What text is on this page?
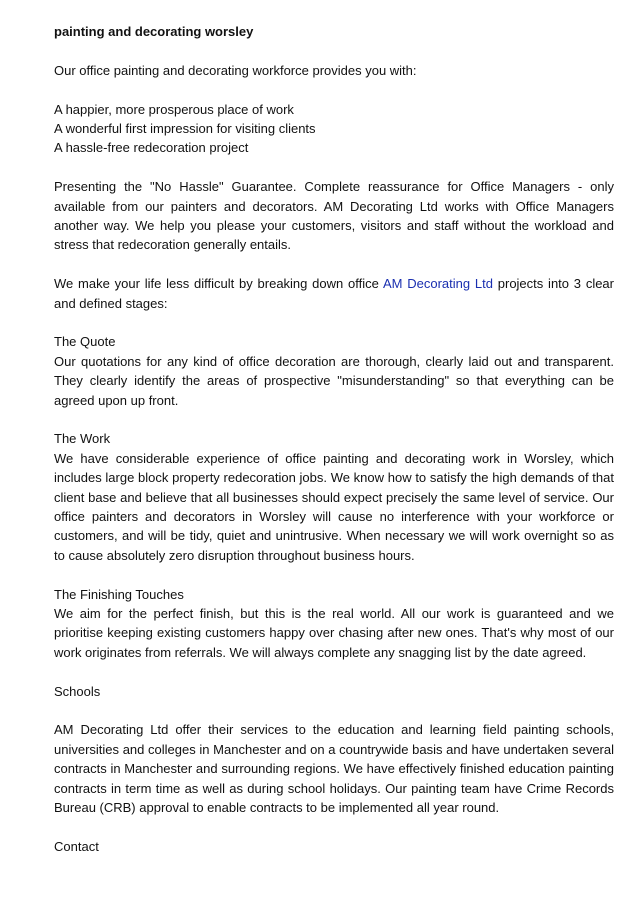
painting and decorating worsley

Our office painting and decorating workforce provides you with:

A happier, more prosperous place of work
A wonderful first impression for visiting clients
A hassle-free redecoration project

Presenting the "No Hassle" Guarantee. Complete reassurance for Office Managers - only available from our painters and decorators. AM Decorating Ltd works with Office Managers another way. We help you please your customers, visitors and staff without the workload and stress that redecoration generally entails.

We make your life less difficult by breaking down office AM Decorating Ltd projects into 3 clear and defined stages:

The Quote
Our quotations for any kind of office decoration are thorough, clearly laid out and transparent. They clearly identify the areas of prospective "misunderstanding" so that everything can be agreed upon up front.

The Work
We have considerable experience of office painting and decorating work in Worsley, which includes large block property redecoration jobs. We know how to satisfy the high demands of that client base and believe that all businesses should expect precisely the same level of service. Our office painters and decorators in Worsley will cause no interference with your workforce or customers, and will be tidy, quiet and unintrusive. When necessary we will work overnight so as to cause absolutely zero disruption throughout business hours.

The Finishing Touches
We aim for the perfect finish, but this is the real world. All our work is guaranteed and we prioritise keeping existing customers happy over chasing after new ones. That's why most of our work originates from referrals. We will always complete any snagging list by the date agreed.

Schools

AM Decorating Ltd offer their services to the education and learning field painting schools, universities and colleges in Manchester and on a countrywide basis and have undertaken several contracts in Manchester and surrounding regions. We have effectively finished education painting contracts in term time as well as during school holidays. Our painting team have Crime Records Bureau (CRB) approval to enable contracts to be implemented all year round.

Contact
